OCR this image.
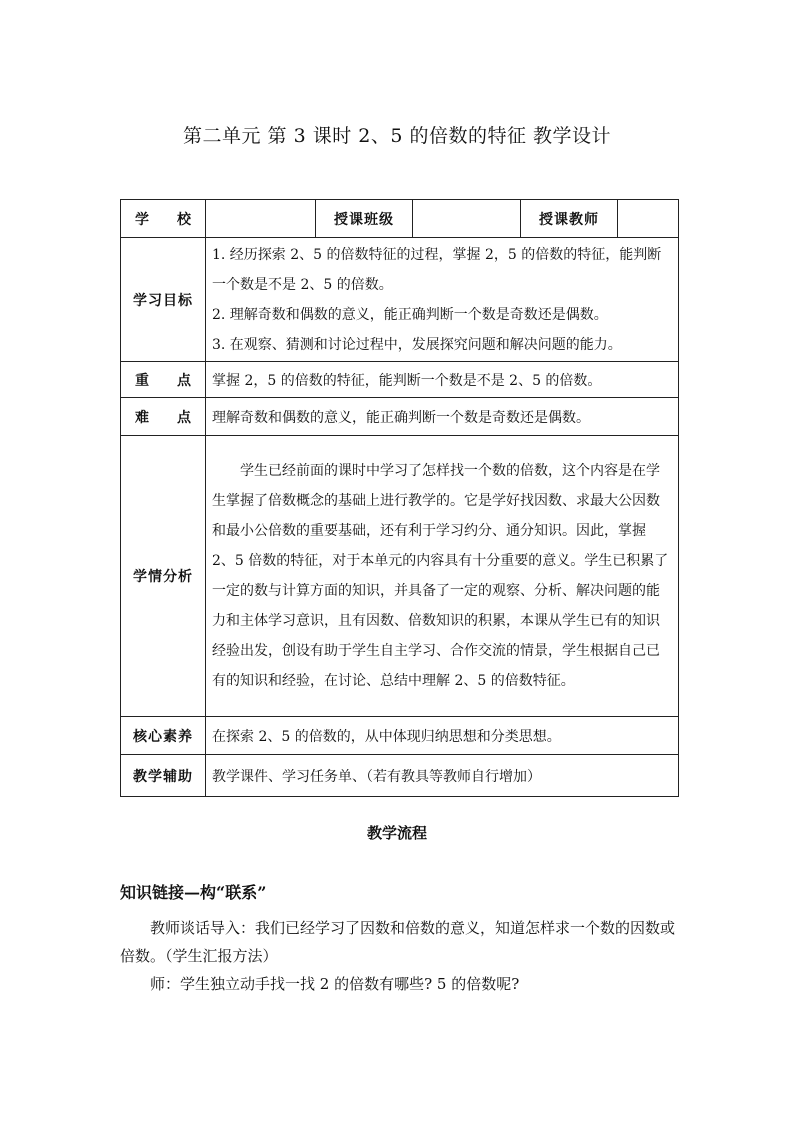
第二单元 第 3 课时 2、5 的倍数的特征 教学设计
学 校		授课班级		授课教师	
学习目标	1. 经历探索 2、5 的倍数特征的过程，掌握 2，5 的倍数的特征，能判断一个数是不是 2、5 的倍数。

2. 理解奇数和偶数的意义，能正确判断一个数是奇数还是偶数。

3. 在观察、猜测和讨论过程中，发展探究问题和解决问题的能力。				

重 点	掌握 2，5 的倍数的特征，能判断一个数是不是 2、5 的倍数。				

难 点	理解奇数和偶数的意义，能正确判断一个数是奇数还是偶数。				
学情分析	学生已经前面的课时中学习了怎样找一个数的倍数，这个内容是在学生掌握了倍数概念的基础上进行教学的。它是学好找因数、求最大公因数和最小公倍数的重要基础，还有利于学习约分、通分知识。因此，掌握 2、5 倍数的特征，对于本单元的内容具有十分重要的意义。学生已积累了一定的数与计算方面的知识，并具备了一定的观察、分析、解决问题的能力和主体学习意识，且有因数、倍数知识的积累，本课从学生已有的知识经验出发，创设有助于学生自主学习、合作交流的情景，学生根据自己已有的知识和经验，在讨论、总结中理解 2、5 的倍数特征。				

核心素养	在探索 2、5 的倍数的，从中体现归纳思想和分类思想。				
教学辅助	教学课件、学习任务单、（若有教具等教师自行增加）				
教学流程
知识链接—构“联系”

教师谈话导入：我们已经学习了因数和倍数的意义，知道怎样求一个数的因数或倍数。（学生汇报方法）

师：学生独立动手找一找 2 的倍数有哪些? 5 的倍数呢?
